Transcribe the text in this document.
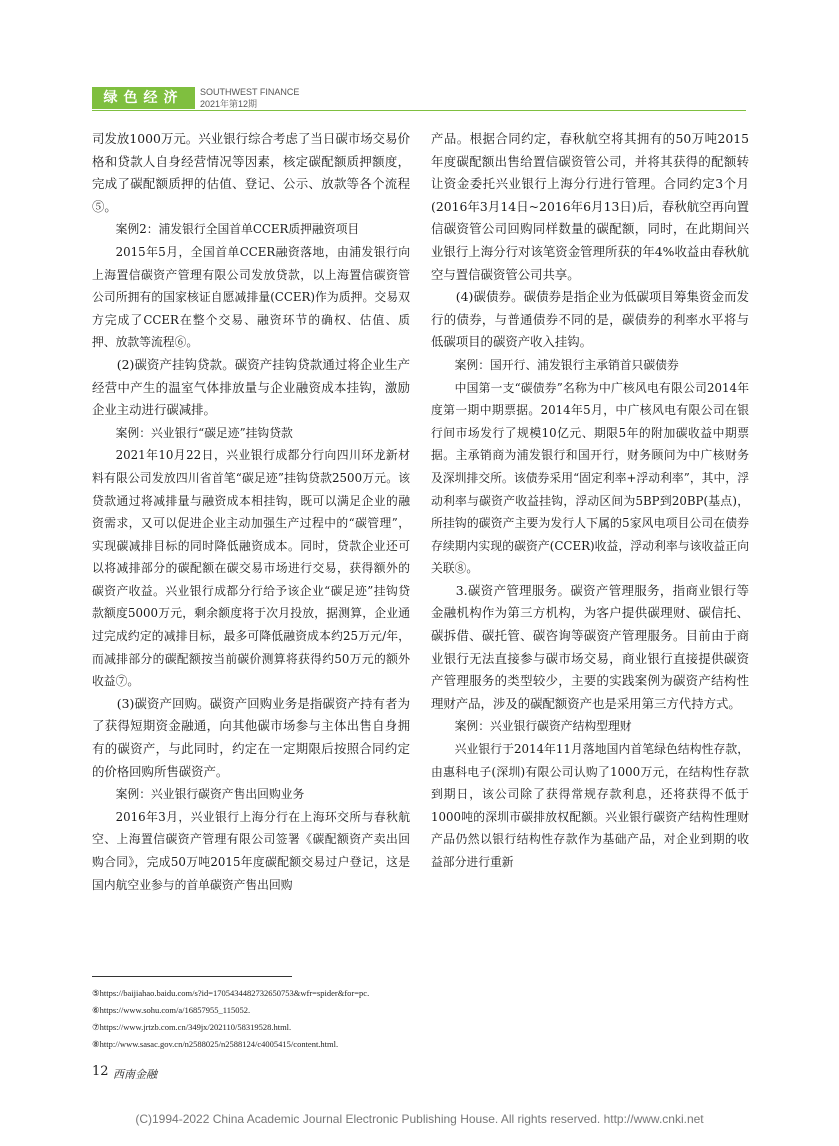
绿色经济	SOUTHWEST FINANCE
2021年第12期

司发放1000万元。兴业银行综合考虑了当日碳市场交易价格和贷款人自身经营情况等因素，核定碳配额质押额度，完成了碳配额质押的估值、登记、公示、放款等各个流程⑤。

案例2：浦发银行全国首单CCER质押融资项目

2015年5月，全国首单CCER融资落地，由浦发银行向上海置信碳资产管理有限公司发放贷款，以上海置信碳资管公司所拥有的国家核证自愿减排量(CCER)作为质押。交易双方完成了CCER在整个交易、融资环节的确权、估值、质押、放款等流程⑥。

(2)碳资产挂钩贷款。碳资产挂钩贷款通过将企业生产经营中产生的温室气体排放量与企业融资成本挂钩，激励企业主动进行碳减排。

案例：兴业银行“碳足迹”挂钩贷款

2021年10月22日，兴业银行成都分行向四川环龙新材料有限公司发放四川省首笔“碳足迹”挂钩贷款2500万元。该贷款通过将减排量与融资成本相挂钩，既可以满足企业的融资需求，又可以促进企业主动加强生产过程中的“碳管理”，实现碳减排目标的同时降低融资成本。同时，贷款企业还可以将减排部分的碳配额在碳交易市场进行交易，获得额外的碳资产收益。兴业银行成都分行给予该企业“碳足迹”挂钩贷款额度5000万元，剩余额度将于次月投放，据测算，企业通过完成约定的减排目标，最多可降低融资成本约25万元/年，而减排部分的碳配额按当前碳价测算将获得约50万元的额外收益⑦。

(3)碳资产回购。碳资产回购业务是指碳资产持有者为了获得短期资金融通，向其他碳市场参与主体出售自身拥有的碳资产，与此同时，约定在一定期限后按照合同约定的价格回购所售碳资产。

案例：兴业银行碳资产售出回购业务

2016年3月，兴业银行上海分行在上海环交所与春秋航空、上海置信碳资产管理有限公司签署《碳配额资产卖出回购合同》，完成50万吨2015年度碳配额交易过户登记，这是国内航空业参与的首单碳资产售出回购

产品。根据合同约定，春秋航空将其拥有的50万吨2015年度碳配额出售给置信碳资管公司，并将其获得的配额转让资金委托兴业银行上海分行进行管理。合同约定3个月(2016年3月14日~2016年6月13日)后，春秋航空再向置信碳资管公司回购同样数量的碳配额，同时，在此期间兴业银行上海分行对该笔资金管理所获的年4%收益由春秋航空与置信碳资管公司共享。

(4)碳债券。碳债券是指企业为低碳项目筹集资金而发行的债券，与普通债券不同的是，碳债券的利率水平将与低碳项目的碳资产收入挂钩。

案例：国开行、浦发银行主承销首只碳债券

中国第一支“碳债券”名称为中广核风电有限公司2014年度第一期中期票据。2014年5月，中广核风电有限公司在银行间市场发行了规模10亿元、期限5年的附加碳收益中期票据。主承销商为浦发银行和国开行，财务顾问为中广核财务及深圳排交所。该债券采用“固定利率+浮动利率”，其中，浮动利率与碳资产收益挂钩，浮动区间为5BP到20BP(基点)，所挂钩的碳资产主要为发行人下属的5家风电项目公司在债券存续期内实现的碳资产(CCER)收益，浮动利率与该收益正向关联⑧。

3.碳资产管理服务。碳资产管理服务，指商业银行等金融机构作为第三方机构，为客户提供碳理财、碳信托、碳拆借、碳托管、碳咨询等碳资产管理服务。目前由于商业银行无法直接参与碳市场交易，商业银行直接提供碳资产管理服务的类型较少，主要的实践案例为碳资产结构性理财产品，涉及的碳配额资产也是采用第三方代持方式。

案例：兴业银行碳资产结构型理财

兴业银行于2014年11月落地国内首笔绿色结构性存款，由惠科电子(深圳)有限公司认购了1000万元，在结构性存款到期日，该公司除了获得常规存款利息，还将获得不低于1000吨的深圳市碳排放权配额。兴业银行碳资产结构性理财产品仍然以银行结构性存款作为基础产品，对企业到期的收益部分进行重新

⑤https://baijiahao.baidu.com/s?id=1705434482732650753&wfr=spider&for=pc.
⑥https://www.sohu.com/a/16857955_115052.
⑦https://www.jrtzb.com.cn/349jx/202110/58319528.html.
⑧http://www.sasac.gov.cn/n2588025/n2588124/c4005415/content.html.
12 西南金融
(C)1994-2022 China Academic Journal Electronic Publishing House. All rights reserved. http://www.cnki.net
